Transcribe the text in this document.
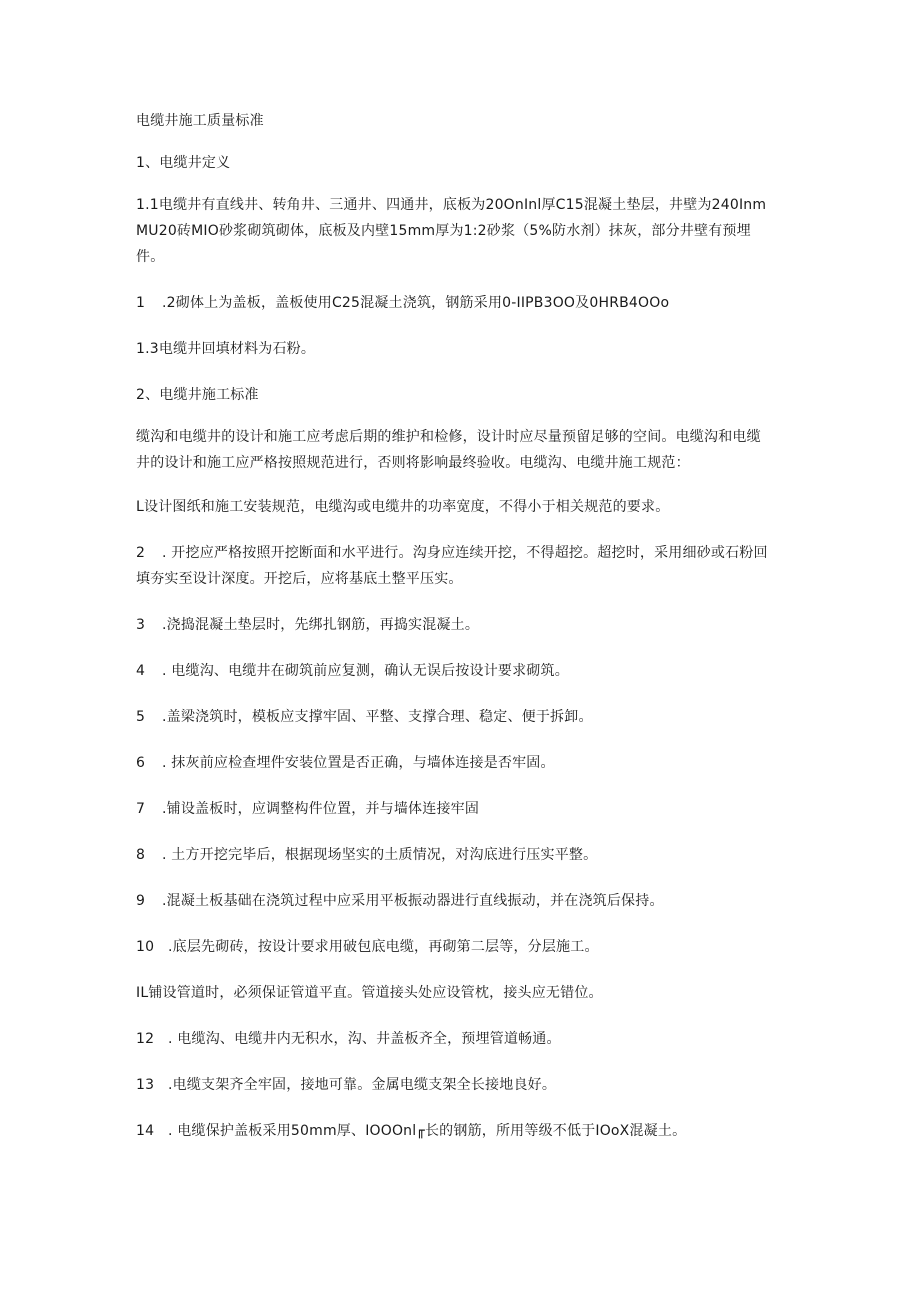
电缆井施工质量标准

1、电缆井定义

1.1电缆井有直线井、转角井、三通井、四通井，底板为20OnInl厚C15混凝土垫层，井壁为240InmMU20砖MIO砂浆砌筑砌体，底板及内壁15mm厚为1:2砂浆（5%防水剂）抹灰，部分井壁有预埋件。

1 .2砌体上为盖板，盖板使用C25混凝土浇筑，钢筋采用0-IIPB3OO及0HRB4OOo

1.3电缆井回填材料为石粉。

2、电缆井施工标准

缆沟和电缆井的设计和施工应考虑后期的维护和检修，设计时应尽量预留足够的空间。电缆沟和电缆井的设计和施工应严格按照规范进行，否则将影响最终验收。电缆沟、电缆井施工规范：

L设计图纸和施工安装规范，电缆沟或电缆井的功率宽度，不得小于相关规范的要求。

2 . 开挖应严格按照开挖断面和水平进行。沟身应连续开挖，不得超挖。超挖时，采用细砂或石粉回填夯实至设计深度。开挖后，应将基底土整平压实。

3 .浇捣混凝土垫层时，先绑扎钢筋，再捣实混凝土。

4 . 电缆沟、电缆井在砌筑前应复测，确认无误后按设计要求砌筑。

5 .盖梁浇筑时，模板应支撑牢固、平整、支撑合理、稳定、便于拆卸。

6 . 抹灰前应检查埋件安装位置是否正确，与墙体连接是否牢固。

7 .铺设盖板时，应调整构件位置，并与墙体连接牢固

8 . 土方开挖完毕后，根据现场坚实的土质情况，对沟底进行压实平整。

9 .混凝土板基础在浇筑过程中应采用平板振动器进行直线振动，并在浇筑后保持。

10 .底层先砌砖，按设计要求用破包底电缆，再砌第二层等，分层施工。

IL铺设管道时，必须保证管道平直。管道接头处应设管枕，接头应无错位。

12 . 电缆沟、电缆井内无积水，沟、井盖板齐全，预埋管道畅通。

13 .电缆支架齐全牢固，接地可靠。金属电缆支架全长接地良好。

14 . 电缆保护盖板采用50mm厚、IOOOnl╓长的钢筋，所用等级不低于IOoX混凝土。
